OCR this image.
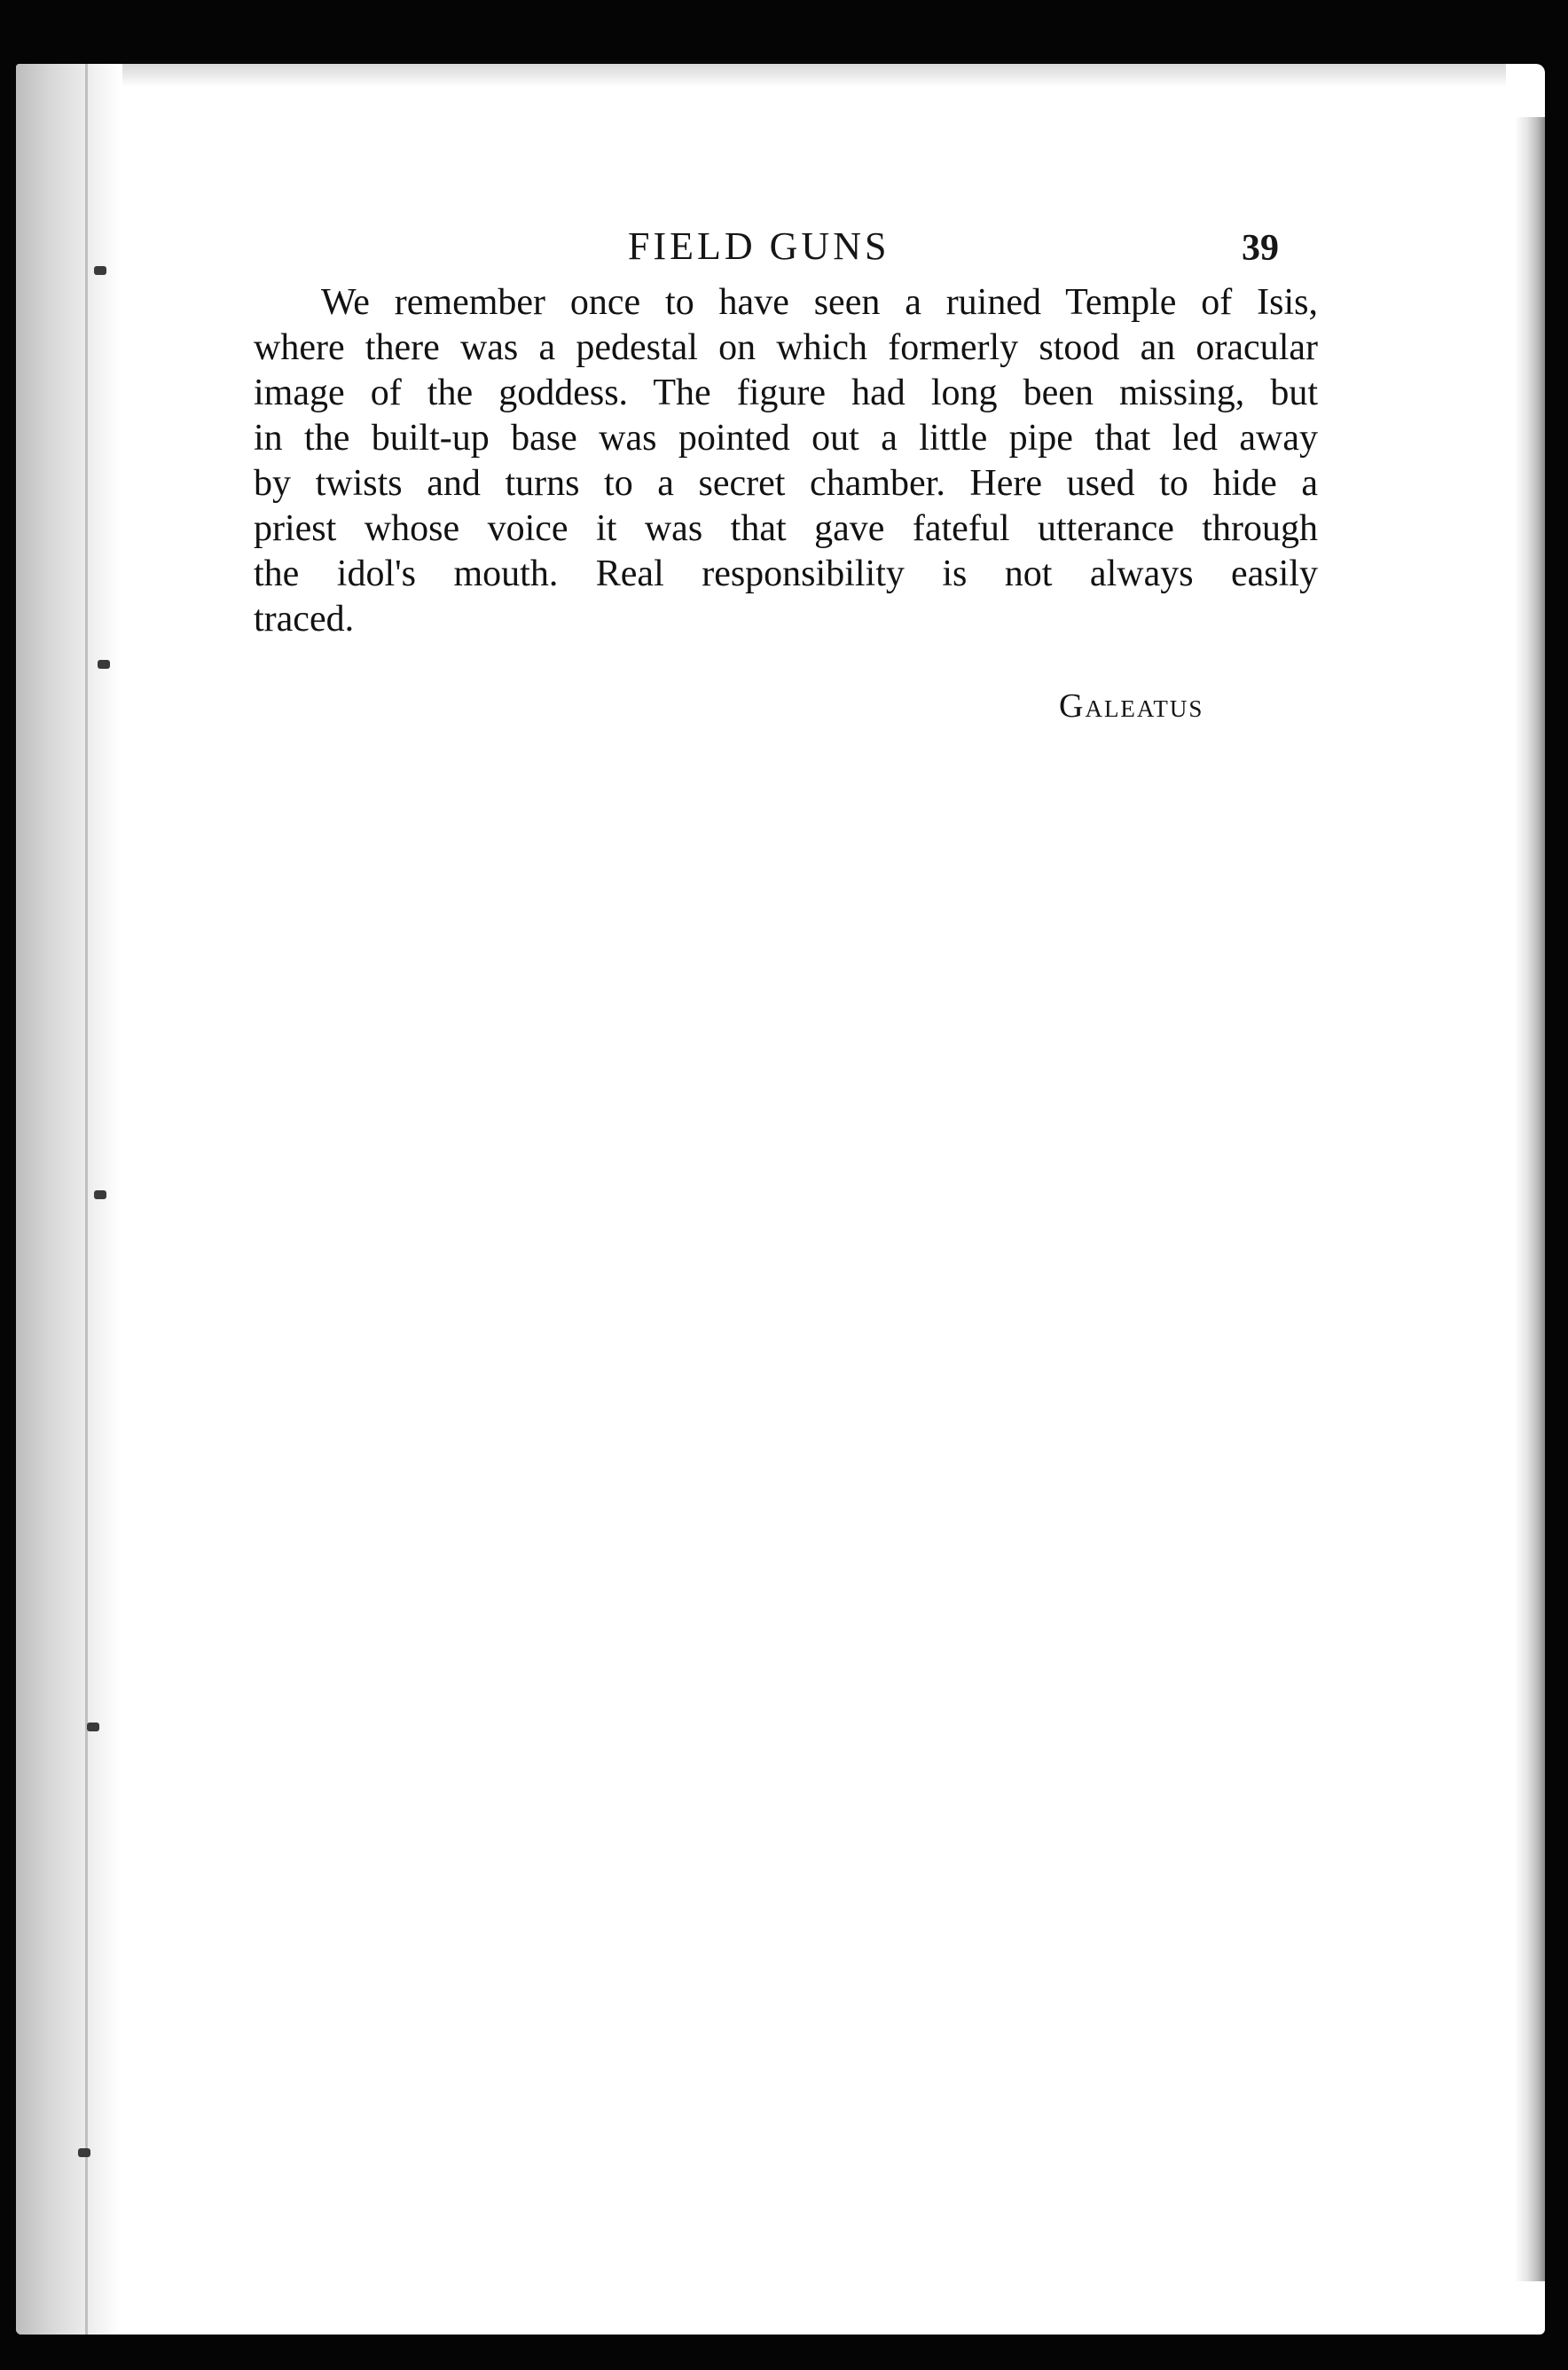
FIELD GUNS	39
We remember once to have seen a ruined Temple of Isis,
where there was a pedestal on which formerly stood an oracular
image of the goddess. The figure had long been missing, but
in the built-up base was pointed out a little pipe that led away
by twists and turns to a secret chamber. Here used to hide a
priest whose voice it was that gave fateful utterance through
the idol's mouth. Real responsibility is not always easily
traced.
Galeatus
